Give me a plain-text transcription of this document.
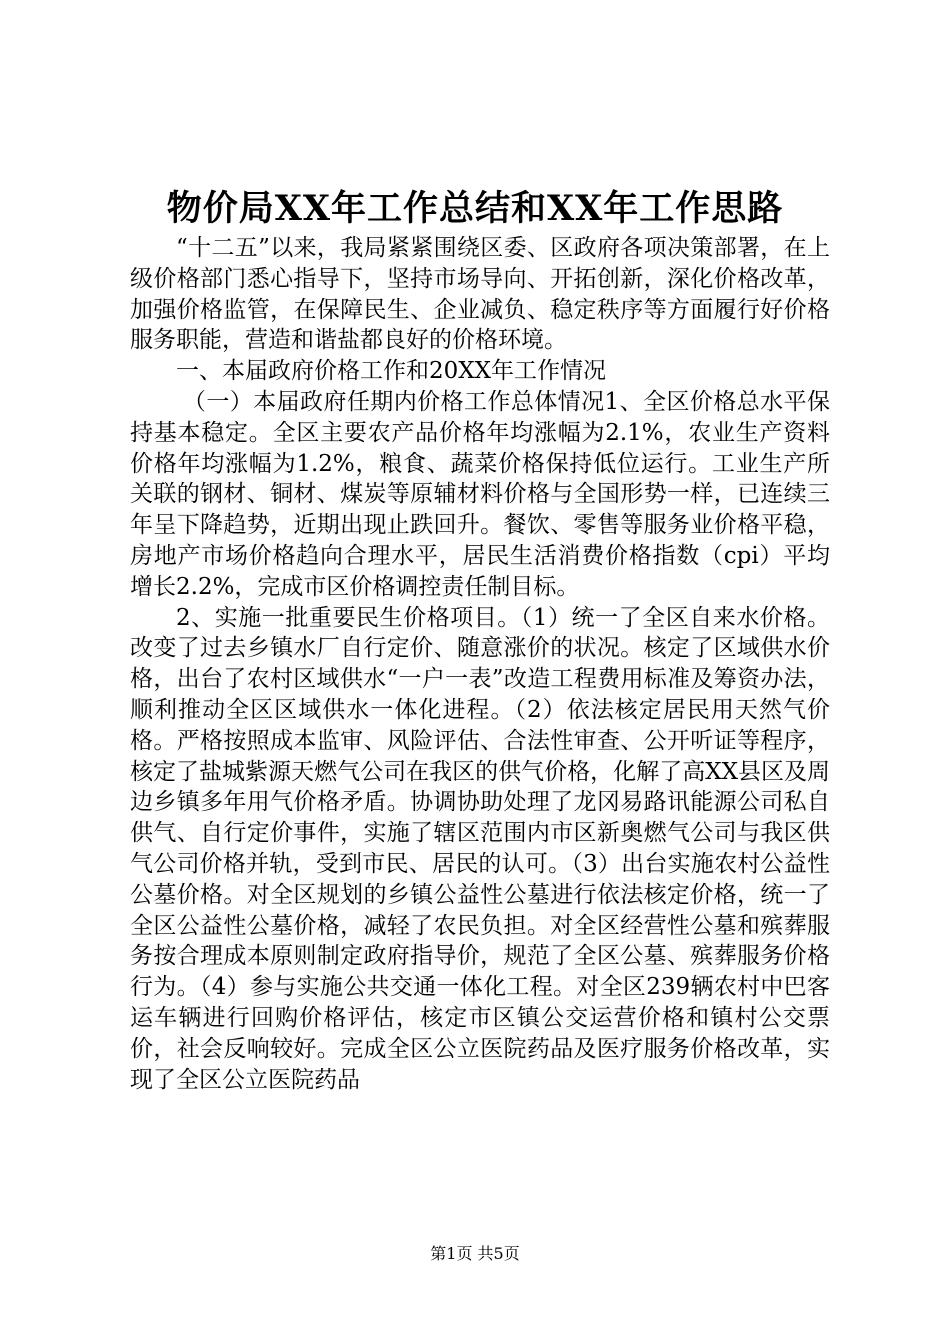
物价局XX年工作总结和XX年工作思路

“十二五”以来，我局紧紧围绕区委、区政府各项决策部署，在上级价格部门悉心指导下，坚持市场导向、开拓创新，深化价格改革，加强价格监管，在保障民生、企业减负、稳定秩序等方面履行好价格服务职能，营造和谐盐都良好的价格环境。

一、本届政府价格工作和20XX年工作情况

（一）本届政府任期内价格工作总体情况1、全区价格总水平保持基本稳定。全区主要农产品价格年均涨幅为2.1%，农业生产资料价格年均涨幅为1.2%，粮食、蔬菜价格保持低位运行。工业生产所关联的钢材、铜材、煤炭等原辅材料价格与全国形势一样，已连续三年呈下降趋势，近期出现止跌回升。餐饮、零售等服务业价格平稳，房地产市场价格趋向合理水平，居民生活消费价格指数（cpi）平均增长2.2%，完成市区价格调控责任制目标。

2、实施一批重要民生价格项目。（1）统一了全区自来水价格。改变了过去乡镇水厂自行定价、随意涨价的状况。核定了区域供水价格，出台了农村区域供水“一户一表”改造工程费用标准及筹资办法，顺利推动全区区域供水一体化进程。（2）依法核定居民用天然气价格。严格按照成本监审、风险评估、合法性审查、公开听证等程序，核定了盐城紫源天燃气公司在我区的供气价格，化解了高XX县区及周边乡镇多年用气价格矛盾。协调协助处理了龙冈易路讯能源公司私自供气、自行定价事件，实施了辖区范围内市区新奥燃气公司与我区供气公司价格并轨，受到市民、居民的认可。（3）出台实施农村公益性公墓价格。对全区规划的乡镇公益性公墓进行依法核定价格，统一了全区公益性公墓价格，减轻了农民负担。对全区经营性公墓和殡葬服务按合理成本原则制定政府指导价，规范了全区公墓、殡葬服务价格行为。（4）参与实施公共交通一体化工程。对全区239辆农村中巴客运车辆进行回购价格评估，核定市区镇公交运营价格和镇村公交票价，社会反响较好。完成全区公立医院药品及医疗服务价格改革，实现了全区公立医院药品

第1页 共5页
